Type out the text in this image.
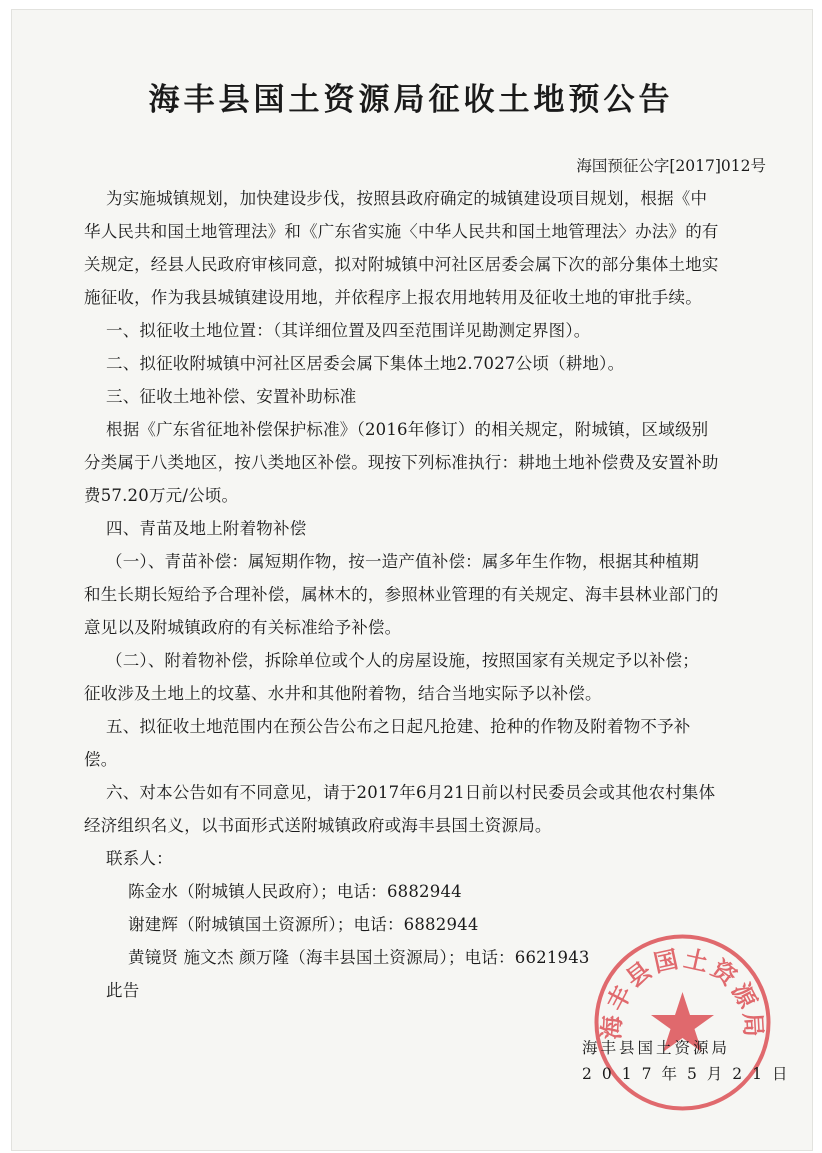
海丰县国土资源局征收土地预公告
海国预征公字[2017]012号
为实施城镇规划，加快建设步伐，按照县政府确定的城镇建设项目规划，根据《中
华人民共和国土地管理法》和《广东省实施〈中华人民共和国土地管理法〉办法》的有
关规定，经县人民政府审核同意，拟对附城镇中河社区居委会属下次的部分集体土地实
施征收，作为我县城镇建设用地，并依程序上报农用地转用及征收土地的审批手续。
一、拟征收土地位置：（其详细位置及四至范围详见勘测定界图）。
二、拟征收附城镇中河社区居委会属下集体土地2.7027公顷（耕地）。
三、征收土地补偿、安置补助标准
根据《广东省征地补偿保护标准》（2016年修订）的相关规定，附城镇，区域级别
分类属于八类地区，按八类地区补偿。现按下列标准执行：耕地土地补偿费及安置补助
费57.20万元/公顷。
四、青苗及地上附着物补偿
（一）、青苗补偿：属短期作物，按一造产值补偿：属多年生作物，根据其种植期
和生长期长短给予合理补偿，属林木的，参照林业管理的有关规定、海丰县林业部门的
意见以及附城镇政府的有关标准给予补偿。
（二）、附着物补偿，拆除单位或个人的房屋设施，按照国家有关规定予以补偿；
征收涉及土地上的坟墓、水井和其他附着物，结合当地实际予以补偿。
五、拟征收土地范围内在预公告公布之日起凡抢建、抢种的作物及附着物不予补
偿。
六、对本公告如有不同意见，请于2017年6月21日前以村民委员会或其他农村集体
经济组织名义，以书面形式送附城镇政府或海丰县国土资源局。
联系人：
陈金水（附城镇人民政府）；电话：6882944
谢建辉（附城镇国土资源所）；电话：6882944
黄镜贤 施文杰 颜万隆（海丰县国土资源局）；电话：6621943
此告
海丰县国土资源局
海丰县国土资源局
2017年5月21日
